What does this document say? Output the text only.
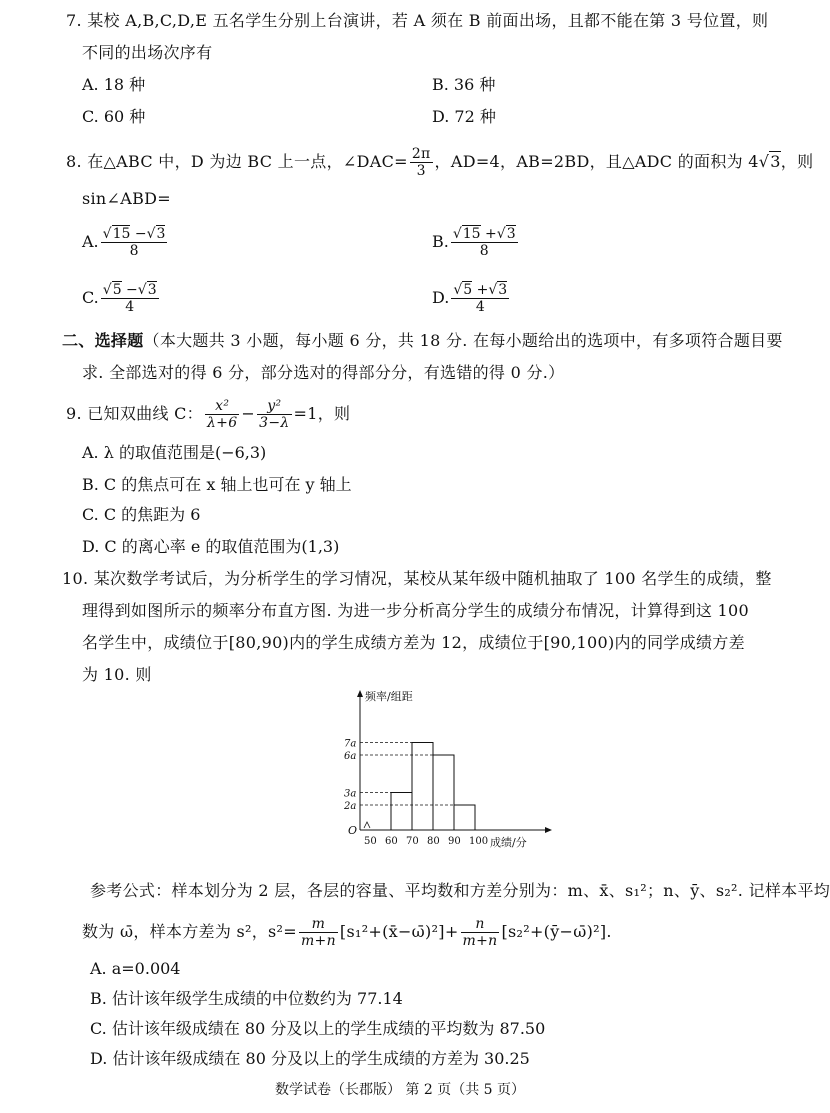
7. 某校 A,B,C,D,E 五名学生分别上台演讲，若 A 须在 B 前面出场，且都不能在第 3 号位置，则
不同的出场次序有
A. 18 种	B. 36 种
C. 60 种	D. 72 种
8. 在△ABC 中，D 为边 BC 上一点，∠DAC= $\frac{2\pi}{3}$ ，AD=4，AB=2BD，且△ADC 的面积为 4√3，则
sin∠ABD=
A. $\frac{√15 -√3}{8}$	B. $\frac{√15 +√3}{8}$
C. $\frac{√5 -√3}{4}$	D. $\frac{√5 +√3}{4}$
二、选择题（本大题共 3 小题，每小题 6 分，共 18 分. 在每小题给出的选项中，有多项符合题目要
求. 全部选对的得 6 分，部分选对的得部分分，有选错的得 0 分.）
9. 已知双曲线 C： $\frac{\text{x²}}{\lambda+6} - \frac{\text{y²}}{3-\lambda} =1$，则
A. λ 的取值范围是(−6,3)
B. C 的焦点可在 x 轴上也可在 y 轴上
C. C 的焦距为 6
D. C 的离心率 e 的取值范围为(1,3)
10. 某次数学考试后，为分析学生的学习情况，某校从某年级中随机抽取了 100 名学生的成绩，整
理得到如图所示的频率分布直方图. 为进一步分析高分学生的成绩分布情况，计算得到这 100
名学生中，成绩位于[80,90)内的学生成绩方差为 12，成绩位于[90,100)内的同学成绩方差
为 10. 则
频率/组距
成绩/分
O
2a
3a
6a
7a
50 60 70 80 90 100
参考公式：样本划分为 2 层，各层的容量、平均数和方差分别为：m、x̄、s₁²；n、ȳ、s₂². 记样本平均
数为 ω̄，样本方差为 s²，$s^2= \frac{m}{m+n}$ [s₁²+(x̄−ω̄)²]+ $\frac{n}{m+n}$ [s₂²+(ȳ−ω̄)²].
A. a=0.004
B. 估计该年级学生成绩的中位数约为 77.14
C. 估计该年级成绩在 80 分及以上的学生成绩的平均数为 87.50
D. 估计该年级成绩在 80 分及以上的学生成绩的方差为 30.25
数学试卷（长郡版） 第 2 页（共 5 页）
